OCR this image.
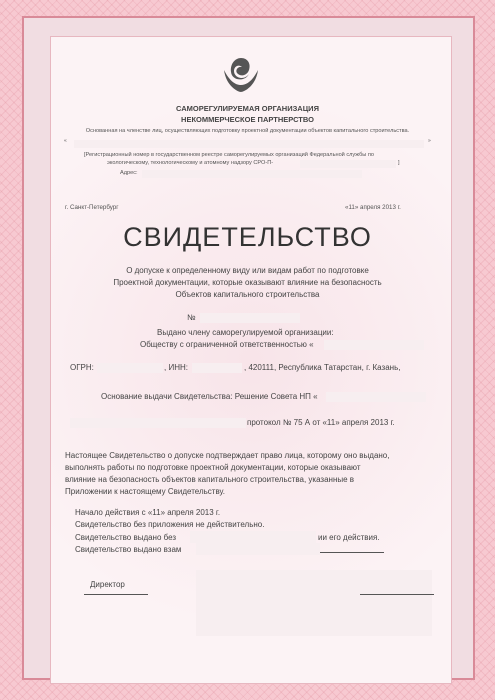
САМОРЕГУЛИРУЕМАЯ ОРГАНИЗАЦИЯ
НЕКОММЕРЧЕСКОЕ ПАРТНЕРСТВО
Основанная на членстве лиц, осуществляющих подготовку проектной документации объектов капитального строительства.
«	»
[Регистрационный номер в государственном реестре саморегулируемых организаций Федеральной службы по
экологическому, технологическому и атомному надзору СРО-П-	]
Адрес:
г. Санкт-Петербург	«11» апреля 2013 г.
СВИДЕТЕЛЬСТВО
О допуске к определенному виду или видам работ по подготовке
Проектной документации, которые оказывают влияние на безопасность
Объектов капитального строительства
№
Выдано члену саморегулируемой организации:
Обществу с ограниченной ответственностью «
ОГРН:	, ИНН:	, 420111, Республика Татарстан, г. Казань,
Основание выдачи Свидетельства: Решение Совета НП «
протокол № 75 А от «11» апреля 2013 г.
Настоящее Свидетельство о допуске подтверждает право лица, которому оно выдано,
выполнять работы по подготовке проектной документации, которые оказывают
влияние на безопасность объектов капитального строительства, указанные в
Приложении к настоящему Свидетельству.
Начало действия с «11» апреля 2013 г.
Свидетельство без приложения не действительно.
Свидетельство выдано без	ии его действия.
Свидетельство выдано взам
Директор
